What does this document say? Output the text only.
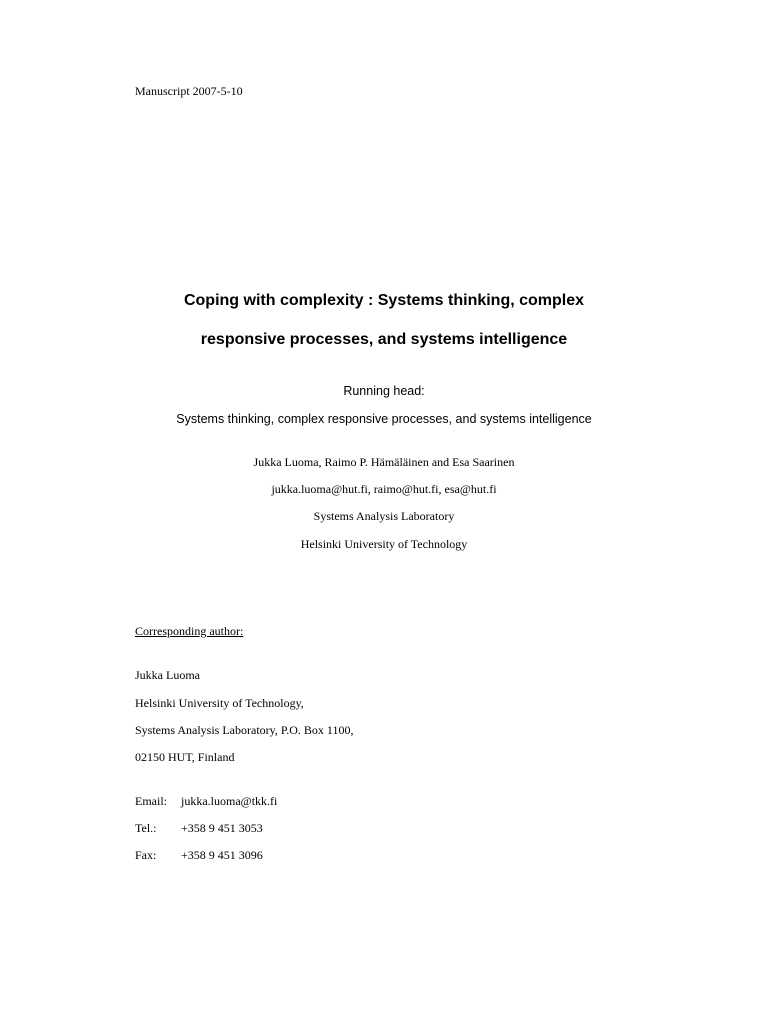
Manuscript 2007-5-10

Coping with complexity : Systems thinking, complex
responsive processes, and systems intelligence

Running head:

Systems thinking, complex responsive processes, and systems intelligence

Jukka Luoma, Raimo P. Hämäläinen and Esa Saarinen

jukka.luoma@hut.fi, raimo@hut.fi, esa@hut.fi

Systems Analysis Laboratory

Helsinki University of Technology

Corresponding author:

Jukka Luoma

Helsinki University of Technology,

Systems Analysis Laboratory, P.O. Box 1100,

02150 HUT, Finland

Email: jukka.luoma@tkk.fi
Tel.: +358 9 451 3053
Fax: +358 9 451 3096
